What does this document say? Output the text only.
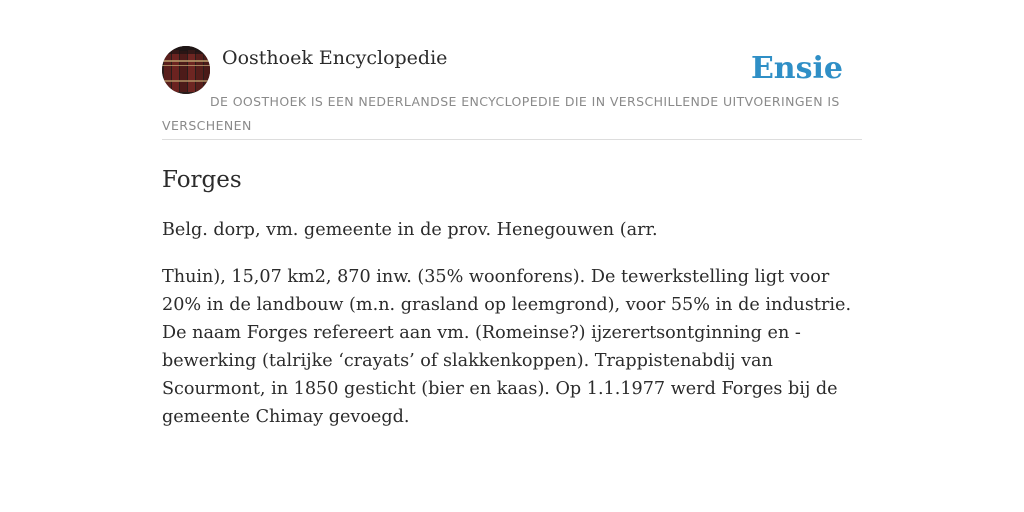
Oosthoek Encyclopedie	Ensie
DE OOSTHOEK IS EEN NEDERLANDSE ENCYCLOPEDIE DIE IN VERSCHILLENDE UITVOERINGEN IS VERSCHENEN
Forges

Belg. dorp, vm. gemeente in de prov. Henegouwen (arr.

Thuin), 15,07 km2, 870 inw. (35% woonforens). De tewerkstelling ligt voor 20% in de landbouw (m.n. grasland op leemgrond), voor 55% in de industrie. De naam Forges refereert aan vm. (Romeinse?) ijzerertsontginning en -bewerking (talrijke ‘crayats’ of slakkenkoppen). Trappistenabdij van Scourmont, in 1850 gesticht (bier en kaas). Op 1.1.1977 werd Forges bij de gemeente Chimay gevoegd.
